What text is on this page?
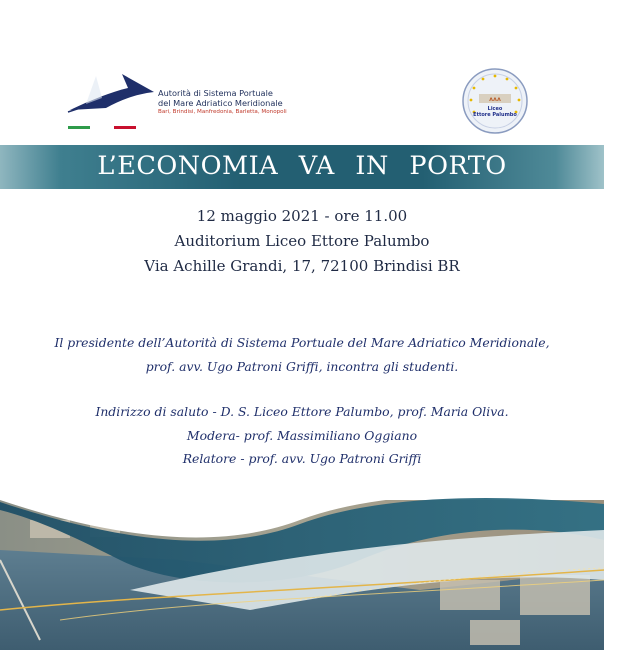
Autorità di Sistema Portuale
del Mare Adriatico Meridionale
Bari, Brindisi, Manfredonia, Barletta, Monopoli
ᴧᴧᴧ
Liceo
Ettore Palumbo
L’ECONOMIA VA IN PORTO
12 maggio 2021 - ore 11.00
Auditorium Liceo Ettore Palumbo
Via Achille Grandi, 17, 72100 Brindisi BR
Il presidente dell’Autorità di Sistema Portuale del Mare Adriatico Meridionale,
prof. avv. Ugo Patroni Griffi, incontra gli studenti.
Indirizzo di saluto - D. S. Liceo Ettore Palumbo, prof. Maria Oliva.
Modera- prof. Massimiliano Oggiano
Relatore - prof. avv. Ugo Patroni Griffi
